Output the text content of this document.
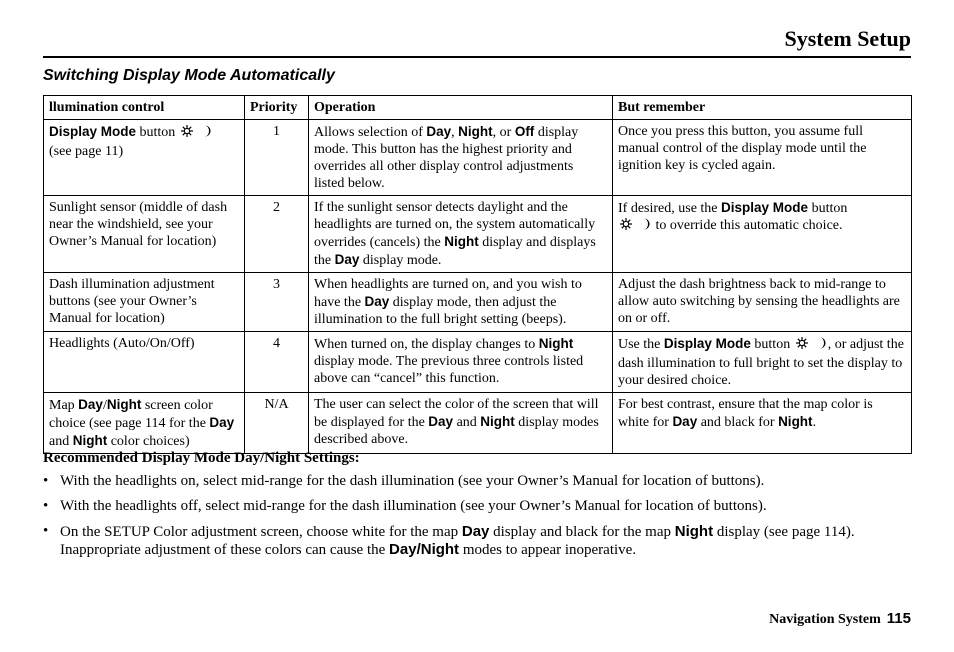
System Setup
Switching Display Mode Automatically
llumination control	Priority	Operation	But remember
Display Mode button
(see page 11)	1	Allows selection of Day, Night, or Off display mode. This button has the highest priority and overrides all other display control adjustments listed below.	Once you press this button, you assume full manual control of the display mode until the ignition key is cycled again.
Sunlight sensor (middle of dash near the windshield, see your Owner’s Manual for location)	2	If the sunlight sensor detects daylight and the headlights are turned on, the system automatically overrides (cancels) the Night display and displays the Day display mode.	If desired, use the Display Mode button
to override this automatic choice.
Dash illumination adjustment buttons (see your Owner’s Manual for location)	3	When headlights are turned on, and you wish to have the Day display mode, then adjust the illumination to the full bright setting (beeps).	Adjust the dash brightness back to mid-range to allow auto switching by sensing the headlights are on or off.
Headlights (Auto/On/Off)	4	When turned on, the display changes to Night display mode. The previous three controls listed above can “cancel” this function.	Use the Display Mode button , or adjust the dash illumination to full bright to set the display to your desired choice.
Map Day/Night screen color choice (see page 114 for the Day and Night color choices)	N/A	The user can select the color of the screen that will be displayed for the Day and Night display modes described above.	For best contrast, ensure that the map color is white for Day and black for Night.
Recommended Display Mode Day/Night Settings:
• With the headlights on, select mid-range for the dash illumination (see your Owner’s Manual for location of buttons).
• With the headlights off, select mid-range for the dash illumination (see your Owner’s Manual for location of buttons).
• On the SETUP Color adjustment screen, choose white for the map Day display and black for the map Night display (see page 114). Inappropriate adjustment of these colors can cause the Day/Night modes to appear inoperative.
Navigation System 115
